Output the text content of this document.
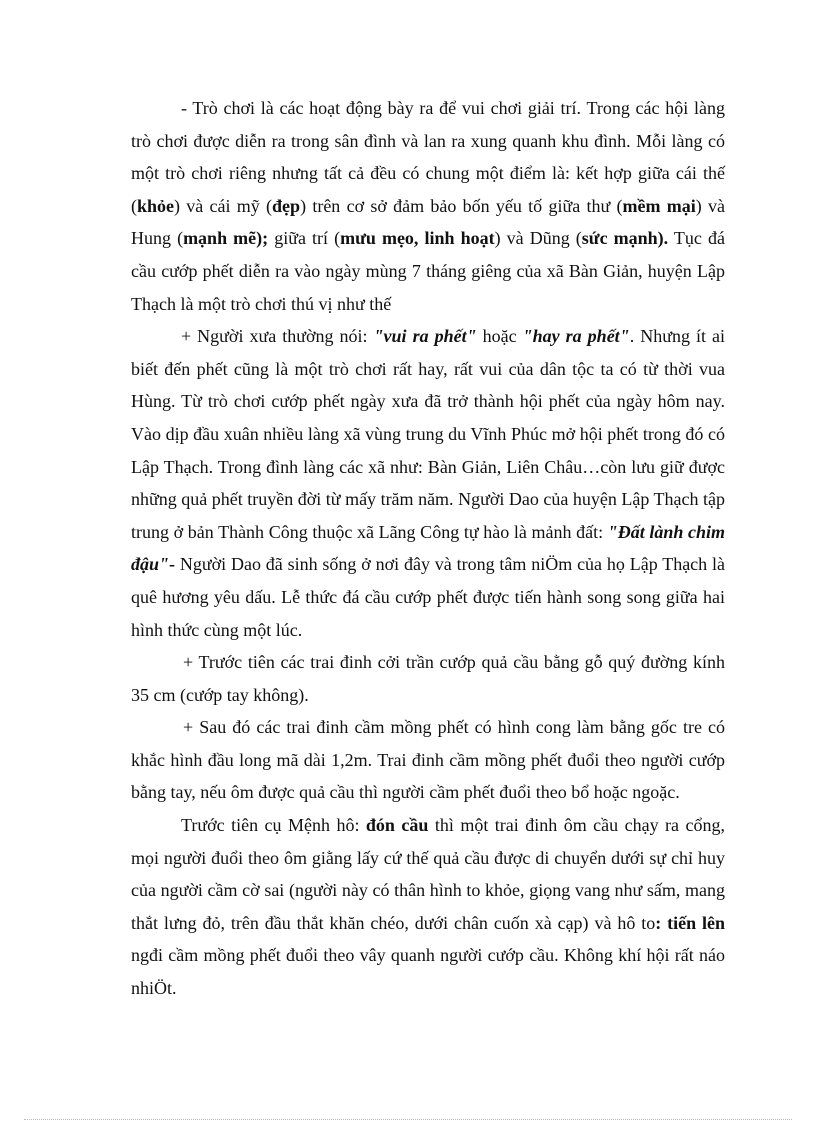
- Trò chơi là các hoạt động bày ra để vui chơi giải trí. Trong các hội làng trò chơi được diễn ra trong sân đình và lan ra xung quanh khu đình. Mỗi làng có một trò chơi riêng nhưng tất cả đều có chung một điểm là: kết hợp giữa cái thế (khỏe) và cái mỹ (đẹp) trên cơ sở đảm bảo bốn yếu tố giữa thư (mềm mại) và Hung (mạnh mẽ); giữa trí (mưu mẹo, linh hoạt) và Dũng (sức mạnh). Tục đá cầu cướp phết diễn ra vào ngày mùng 7 tháng giêng của xã Bàn Giản, huyện Lập Thạch là một trò chơi thú vị như thế

+ Người xưa thường nói: "vui ra phết" hoặc "hay ra phết". Nhưng ít ai biết đến phết cũng là một trò chơi rất hay, rất vui của dân tộc ta có từ thời vua Hùng. Từ trò chơi cướp phết ngày xưa đã trở thành hội phết của ngày hôm nay. Vào dịp đầu xuân nhiều làng xã vùng trung du Vĩnh Phúc mở hội phết trong đó có Lập Thạch. Trong đình làng các xã như: Bàn Giản, Liên Châu…còn lưu giữ được những quả phết truyền đời từ mấy trăm năm. Người Dao của huyện Lập Thạch tập trung ở bản Thành Công thuộc xã Lãng Công tự hào là mảnh đất: "Đất lành chim đậu"- Người Dao đã sinh sống ở nơi đây và trong tâm niÖm của họ Lập Thạch là quê hương yêu dấu. Lễ thức đá cầu cướp phết được tiến hành song song giữa hai hình thức cùng một lúc.

+ Trước tiên các trai đinh cởi trần cướp quả cầu bằng gỗ quý đường kính 35 cm (cướp tay không).

+ Sau đó các trai đinh cầm mồng phết có hình cong làm bằng gốc tre có khắc hình đầu long mã dài 1,2m. Trai đinh cầm mồng phết đuổi theo người cướp bằng tay, nếu ôm được quả cầu thì người cầm phết đuổi theo bổ hoặc ngoặc.

Trước tiên cụ Mệnh hô: đón cầu thì một trai đinh ôm cầu chạy ra cổng, mọi người đuổi theo ôm giằng lấy cứ thế quả cầu được di chuyển dưới sự chỉ huy của người cầm cờ sai (người này có thân hình to khỏe, giọng vang như sấm, mang thắt lưng đỏ, trên đầu thắt khăn chéo, dưới chân cuốn xà cạp) và hô to: tiến lên ngđi cầm mồng phết đuổi theo vây quanh người cướp cầu. Không khí hội rất náo nhiÖt.
